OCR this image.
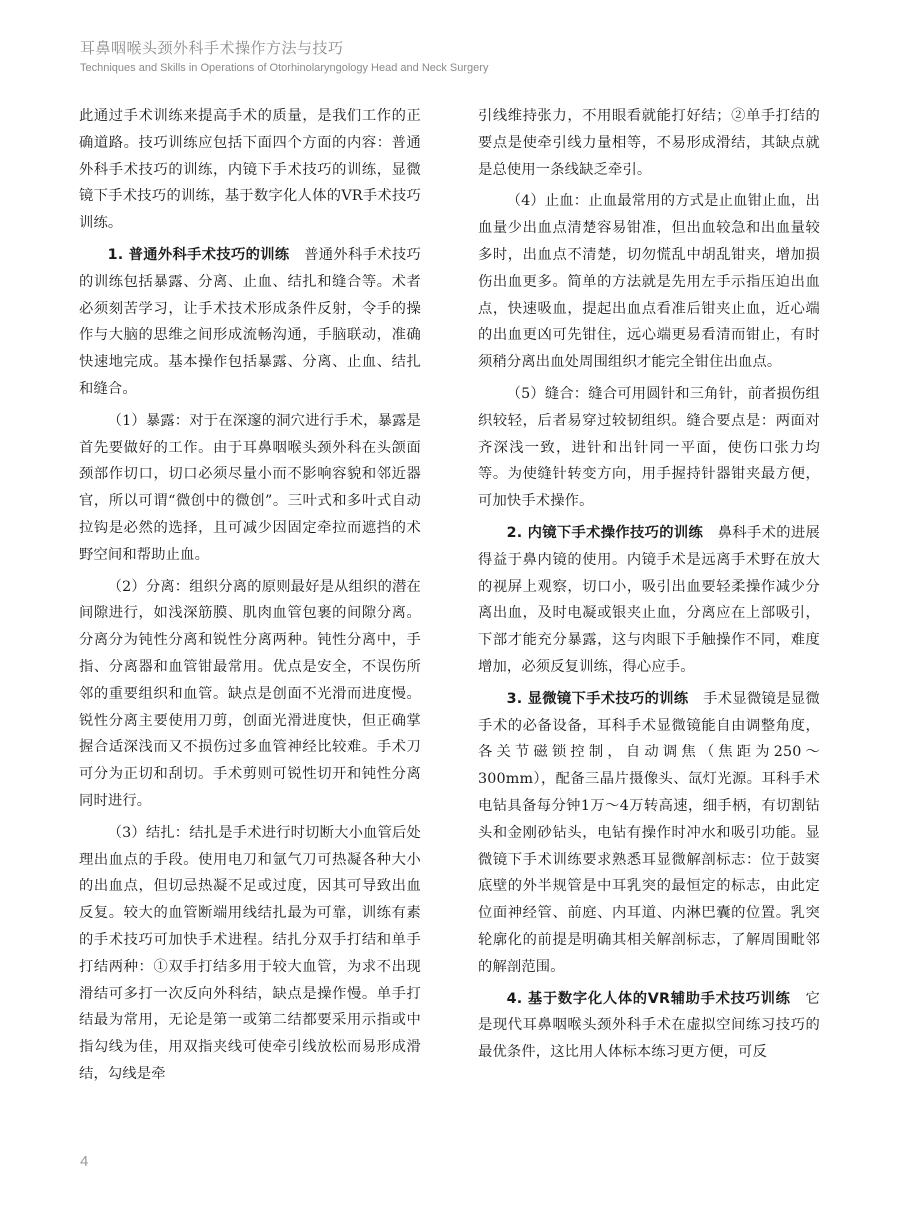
耳鼻咽喉头颈外科手术操作方法与技巧
Techniques and Skills in Operations of Otorhinolaryngology Head and Neck Surgery

此通过手术训练来提高手术的质量，是我们工作的正确道路。技巧训练应包括下面四个方面的内容：普通外科手术技巧的训练，内镜下手术技巧的训练，显微镜下手术技巧的训练，基于数字化人体的VR手术技巧训练。

1. 普通外科手术技巧的训练　 普通外科手术技巧的训练包括暴露、分离、止血、结扎和缝合等。术者必须刻苦学习，让手术技术形成条件反射，令手的操作与大脑的思维之间形成流畅沟通，手脑联动，准确快速地完成。基本操作包括暴露、分离、止血、结扎和缝合。

（1）暴露：对于在深邃的洞穴进行手术，暴露是首先要做好的工作。由于耳鼻咽喉头颈外科在头颌面颈部作切口，切口必须尽量小而不影响容貌和邻近器官，所以可谓“微创中的微创”。三叶式和多叶式自动拉钩是必然的选择，且可减少因固定牵拉而遮挡的术野空间和帮助止血。

（2）分离：组织分离的原则最好是从组织的潜在间隙进行，如浅深筋膜、肌肉血管包裹的间隙分离。分离分为钝性分离和锐性分离两种。钝性分离中，手指、分离器和血管钳最常用。优点是安全，不误伤所邻的重要组织和血管。缺点是创面不光滑而进度慢。锐性分离主要使用刀剪，创面光滑进度快，但正确掌握合适深浅而又不损伤过多血管神经比较难。手术刀可分为正切和刮切。手术剪则可锐性切开和钝性分离同时进行。

（3）结扎：结扎是手术进行时切断大小血管后处理出血点的手段。使用电刀和氩气刀可热凝各种大小的出血点，但切忌热凝不足或过度，因其可导致出血反复。较大的血管断端用线结扎最为可靠，训练有素的手术技巧可加快手术进程。结扎分双手打结和单手打结两种：①双手打结多用于较大血管，为求不出现滑结可多打一次反向外科结，缺点是操作慢。单手打结最为常用，无论是第一或第二结都要采用示指或中指勾线为佳，用双指夹线可使牵引线放松而易形成滑结，勾线是牵

引线维持张力，不用眼看就能打好结；②单手打结的要点是使牵引线力量相等，不易形成滑结，其缺点就是总使用一条线缺乏牵引。

（4）止血：止血最常用的方式是止血钳止血，出血量少出血点清楚容易钳准，但出血较急和出血量较多时，出血点不清楚，切勿慌乱中胡乱钳夹，增加损伤出血更多。简单的方法就是先用左手示指压迫出血点，快速吸血，提起出血点看准后钳夹止血，近心端的出血更凶可先钳住，远心端更易看清而钳止，有时须稍分离出血处周围组织才能完全钳住出血点。

（5）缝合：缝合可用圆针和三角针，前者损伤组织较轻，后者易穿过较韧组织。缝合要点是：两面对齐深浅一致，进针和出针同一平面，使伤口张力均等。为使缝针转变方向，用手握持针器钳夹最方便，可加快手术操作。

2. 内镜下手术操作技巧的训练　 鼻科手术的进展得益于鼻内镜的使用。内镜手术是远离手术野在放大的视屏上观察，切口小，吸引出血要轻柔操作减少分离出血，及时电凝或银夹止血，分离应在上部吸引，下部才能充分暴露，这与肉眼下手触操作不同，难度增加，必须反复训练，得心应手。

3. 显微镜下手术技巧的训练　 手术显微镜是显微手术的必备设备，耳科手术显微镜能自由调整角度，各关节磁锁控制，自动调焦（焦距为250～300mm），配备三晶片摄像头、氙灯光源。耳科手术电钻具备每分钟1万～4万转高速，细手柄，有切割钻头和金刚砂钻头，电钻有操作时冲水和吸引功能。显微镜下手术训练要求熟悉耳显微解剖标志：位于鼓窦底壁的外半规管是中耳乳突的最恒定的标志，由此定位面神经管、前庭、内耳道、内淋巴囊的位置。乳突轮廓化的前提是明确其相关解剖标志，了解周围毗邻的解剖范围。

4. 基于数字化人体的VR辅助手术技巧训练　 它是现代耳鼻咽喉头颈外科手术在虚拟空间练习技巧的最优条件，这比用人体标本练习更方便，可反

4
